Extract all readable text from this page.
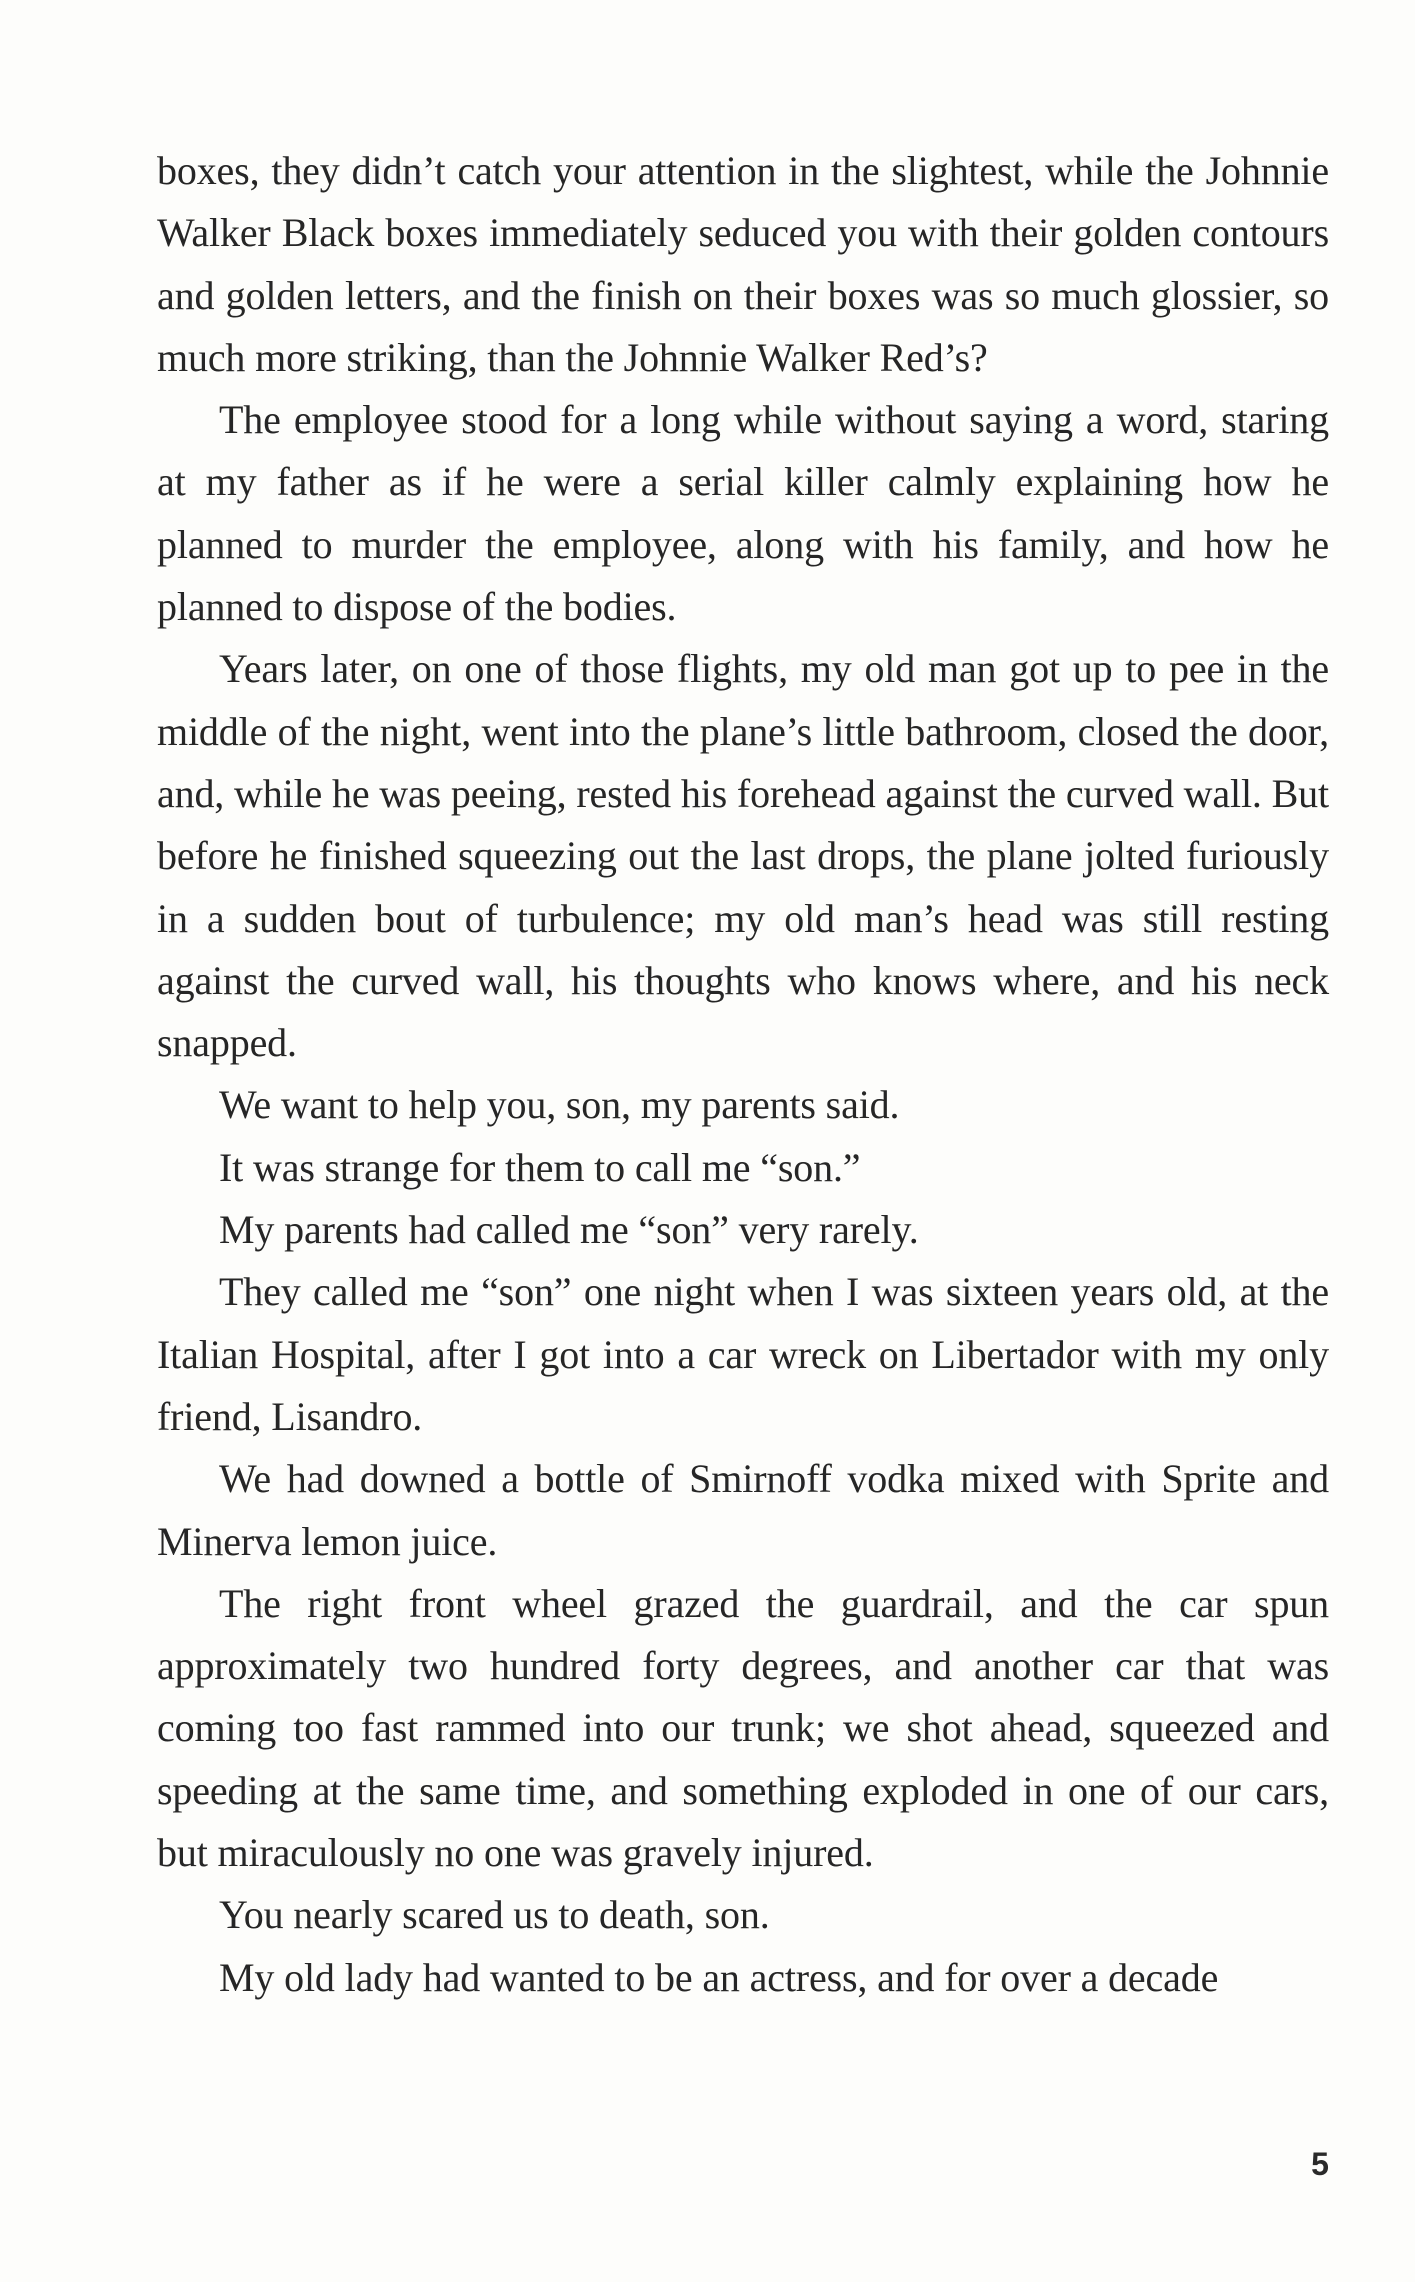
boxes, they didn’t catch your attention in the slightest, while the Johnnie Walker Black boxes immediately seduced you with their golden contours and golden letters, and the finish on their boxes was so much glossier, so much more striking, than the Johnnie Walker Red’s?

The employee stood for a long while without saying a word, staring at my father as if he were a serial killer calmly explaining how he planned to murder the employee, along with his family, and how he planned to dispose of the bodies.

Years later, on one of those flights, my old man got up to pee in the middle of the night, went into the plane’s little bathroom, closed the door, and, while he was peeing, rested his forehead against the curved wall. But before he finished squeezing out the last drops, the plane jolted furiously in a sudden bout of turbulence; my old man’s head was still resting against the curved wall, his thoughts who knows where, and his neck snapped.

We want to help you, son, my parents said.

It was strange for them to call me “son.”

My parents had called me “son” very rarely.

They called me “son” one night when I was sixteen years old, at the Italian Hospital, after I got into a car wreck on Libertador with my only friend, Lisandro.

We had downed a bottle of Smirnoff vodka mixed with Sprite and Minerva lemon juice.

The right front wheel grazed the guardrail, and the car spun approximately two hundred forty degrees, and another car that was coming too fast rammed into our trunk; we shot ahead, squeezed and speeding at the same time, and something exploded in one of our cars, but miraculously no one was gravely injured.

You nearly scared us to death, son.

My old lady had wanted to be an actress, and for over a decade

5
